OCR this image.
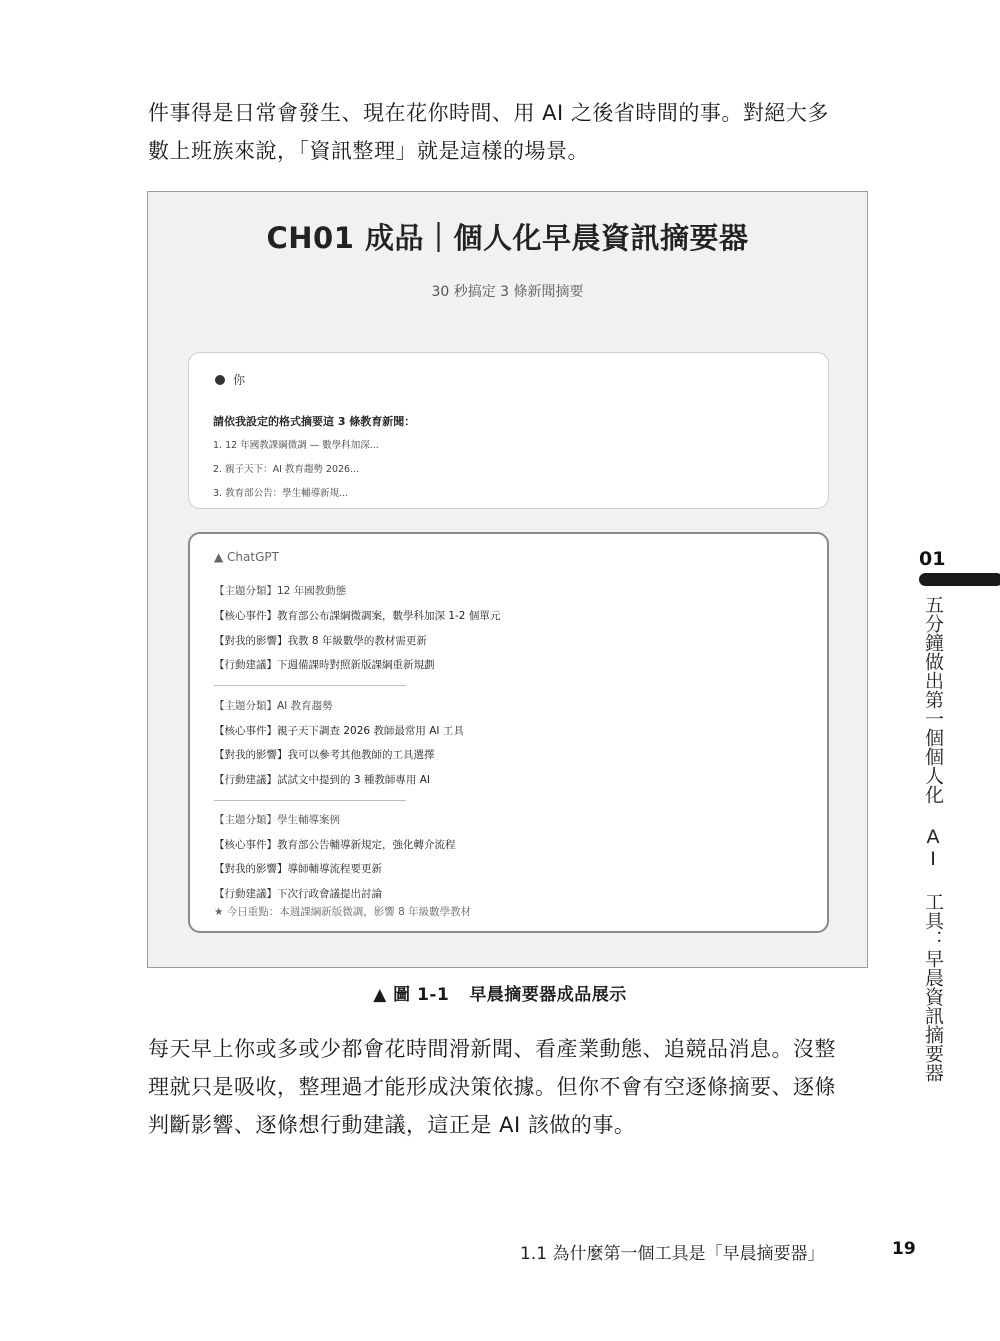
件事得是日常會發生、現在花你時間、用 AI 之後省時間的事。對絕大多
數上班族來說，「資訊整理」就是這樣的場景。

CH01 成品｜個人化早晨資訊摘要器

30 秒搞定 3 條新聞摘要

你
請依我設定的格式摘要這 3 條教育新聞：
1. 12 年國教課綱微調 — 數學科加深...
2. 親子天下：AI 教育趨勢 2026...
3. 教育部公告：學生輔導新規...
▲ ChatGPT
【主題分類】12 年國教動態
【核心事件】教育部公布課綱微調案，數學科加深 1-2 個單元
【對我的影響】我教 8 年級數學的教材需更新
【行動建議】下週備課時對照新版課綱重新規劃
【主題分類】AI 教育趨勢
【核心事件】親子天下調查 2026 教師最常用 AI 工具
【對我的影響】我可以參考其他教師的工具選擇
【行動建議】試試文中提到的 3 種教師專用 AI
【主題分類】學生輔導案例
【核心事件】教育部公告輔導新規定，強化轉介流程
【對我的影響】導師輔導流程要更新
【行動建議】下次行政會議提出討論
★ 今日重點：本週課綱新版微調，影響 8 年級數學教材
▲ 圖 1-1 早晨摘要器成品展示

每天早上你或多或少都會花時間滑新聞、看產業動態、追競品消息。沒整
理就只是吸收，整理過才能形成決策依據。但你不會有空逐條摘要、逐條
判斷影響、逐條想行動建議，這正是 AI 該做的事。

01
五分鐘做出第一個個人化 AI 工具：早晨資訊摘要器
1.1 為什麼第一個工具是「早晨摘要器」	19
